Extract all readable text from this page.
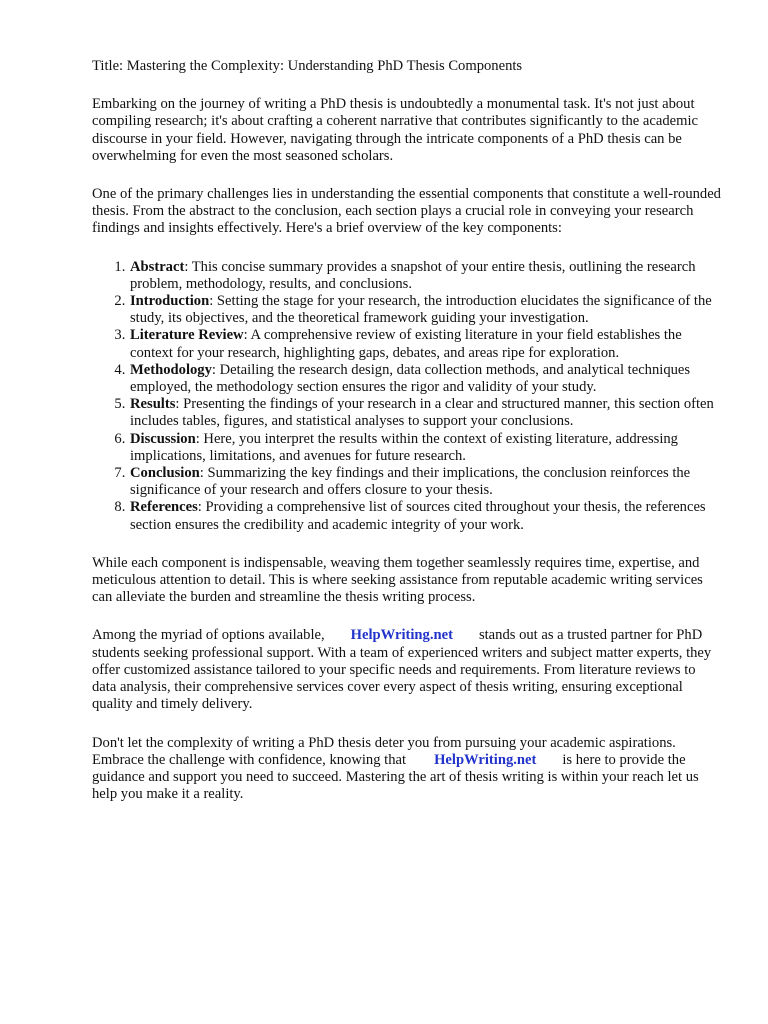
Title: Mastering the Complexity: Understanding PhD Thesis Components

Embarking on the journey of writing a PhD thesis is undoubtedly a monumental task. It's not just about compiling research; it's about crafting a coherent narrative that contributes significantly to the academic discourse in your field. However, navigating through the intricate components of a PhD thesis can be overwhelming for even the most seasoned scholars.

One of the primary challenges lies in understanding the essential components that constitute a well-rounded thesis. From the abstract to the conclusion, each section plays a crucial role in conveying your research findings and insights effectively. Here's a brief overview of the key components:

1. Abstract: This concise summary provides a snapshot of your entire thesis, outlining the research problem, methodology, results, and conclusions.
2. Introduction: Setting the stage for your research, the introduction elucidates the significance of the study, its objectives, and the theoretical framework guiding your investigation.
3. Literature Review: A comprehensive review of existing literature in your field establishes the context for your research, highlighting gaps, debates, and areas ripe for exploration.
4. Methodology: Detailing the research design, data collection methods, and analytical techniques employed, the methodology section ensures the rigor and validity of your study.
5. Results: Presenting the findings of your research in a clear and structured manner, this section often includes tables, figures, and statistical analyses to support your conclusions.
6. Discussion: Here, you interpret the results within the context of existing literature, addressing implications, limitations, and avenues for future research.
7. Conclusion: Summarizing the key findings and their implications, the conclusion reinforces the significance of your research and offers closure to your thesis.
8. References: Providing a comprehensive list of sources cited throughout your thesis, the references section ensures the credibility and academic integrity of your work.

While each component is indispensable, weaving them together seamlessly requires time, expertise, and meticulous attention to detail. This is where seeking assistance from reputable academic writing services can alleviate the burden and streamline the thesis writing process.

Among the myriad of options available, HelpWriting.net stands out as a trusted partner for PhD students seeking professional support. With a team of experienced writers and subject matter experts, they offer customized assistance tailored to your specific needs and requirements. From literature reviews to data analysis, their comprehensive services cover every aspect of thesis writing, ensuring exceptional quality and timely delivery.

Don't let the complexity of writing a PhD thesis deter you from pursuing your academic aspirations. Embrace the challenge with confidence, knowing that HelpWriting.net is here to provide the guidance and support you need to succeed. Mastering the art of thesis writing is within your reach let us help you make it a reality.
